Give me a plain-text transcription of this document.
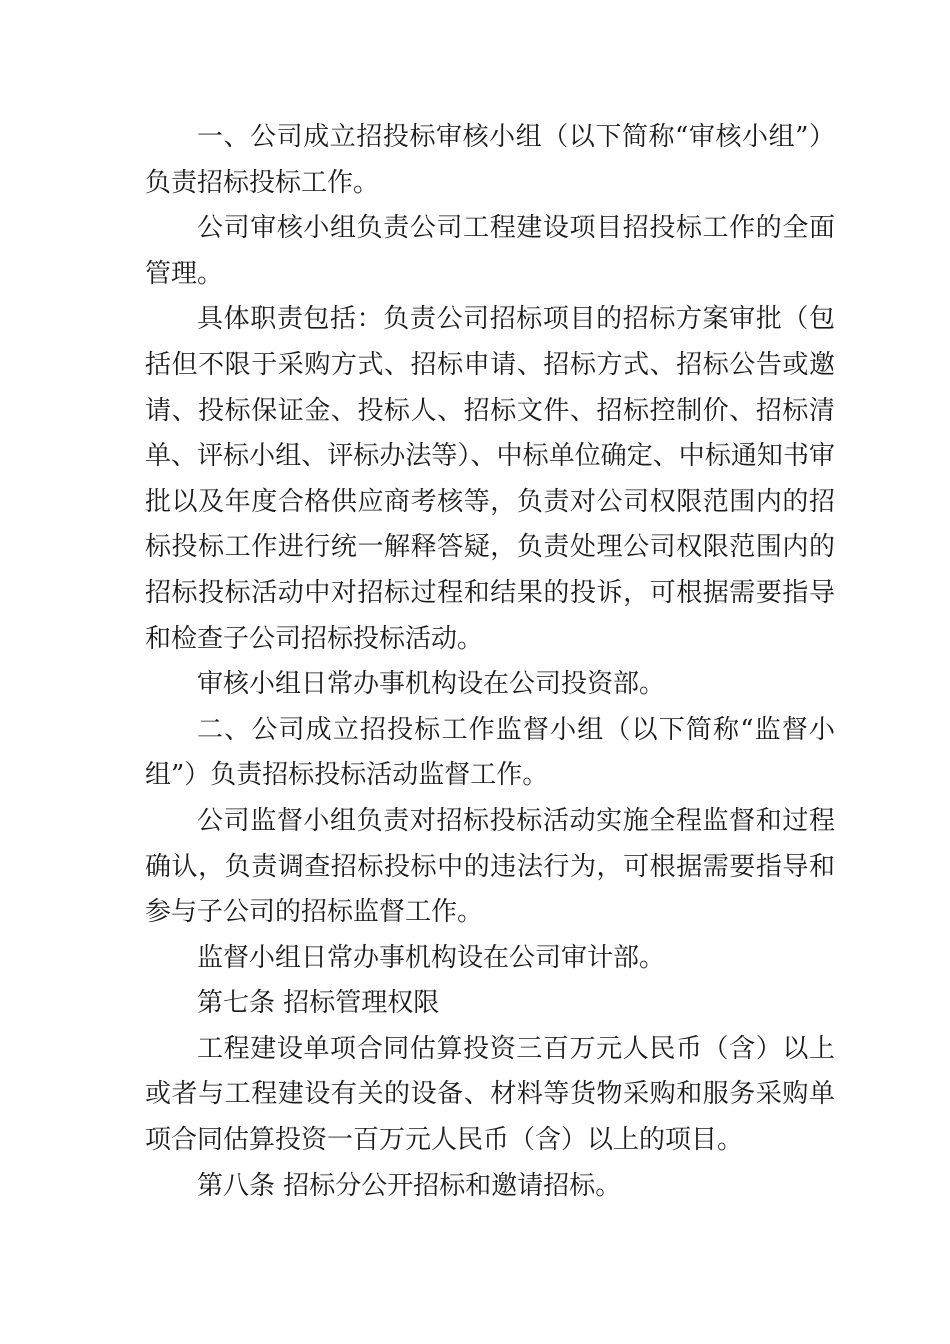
一、公司成立招投标审核小组（以下简称“审核小组”）负责招标投标工作。

公司审核小组负责公司工程建设项目招投标工作的全面管理。

具体职责包括：负责公司招标项目的招标方案审批（包括但不限于采购方式、招标申请、招标方式、招标公告或邀请、投标保证金、投标人、招标文件、招标控制价、招标清单、评标小组、评标办法等）、中标单位确定、中标通知书审批以及年度合格供应商考核等，负责对公司权限范围内的招标投标工作进行统一解释答疑，负责处理公司权限范围内的招标投标活动中对招标过程和结果的投诉，可根据需要指导和检查子公司招标投标活动。

审核小组日常办事机构设在公司投资部。

二、公司成立招投标工作监督小组（以下简称“监督小组”）负责招标投标活动监督工作。

公司监督小组负责对招标投标活动实施全程监督和过程确认，负责调查招标投标中的违法行为，可根据需要指导和参与子公司的招标监督工作。

监督小组日常办事机构设在公司审计部。

第七条 招标管理权限

工程建设单项合同估算投资三百万元人民币（含）以上或者与工程建设有关的设备、材料等货物采购和服务采购单项合同估算投资一百万元人民币（含）以上的项目。

第八条 招标分公开招标和邀请招标。
